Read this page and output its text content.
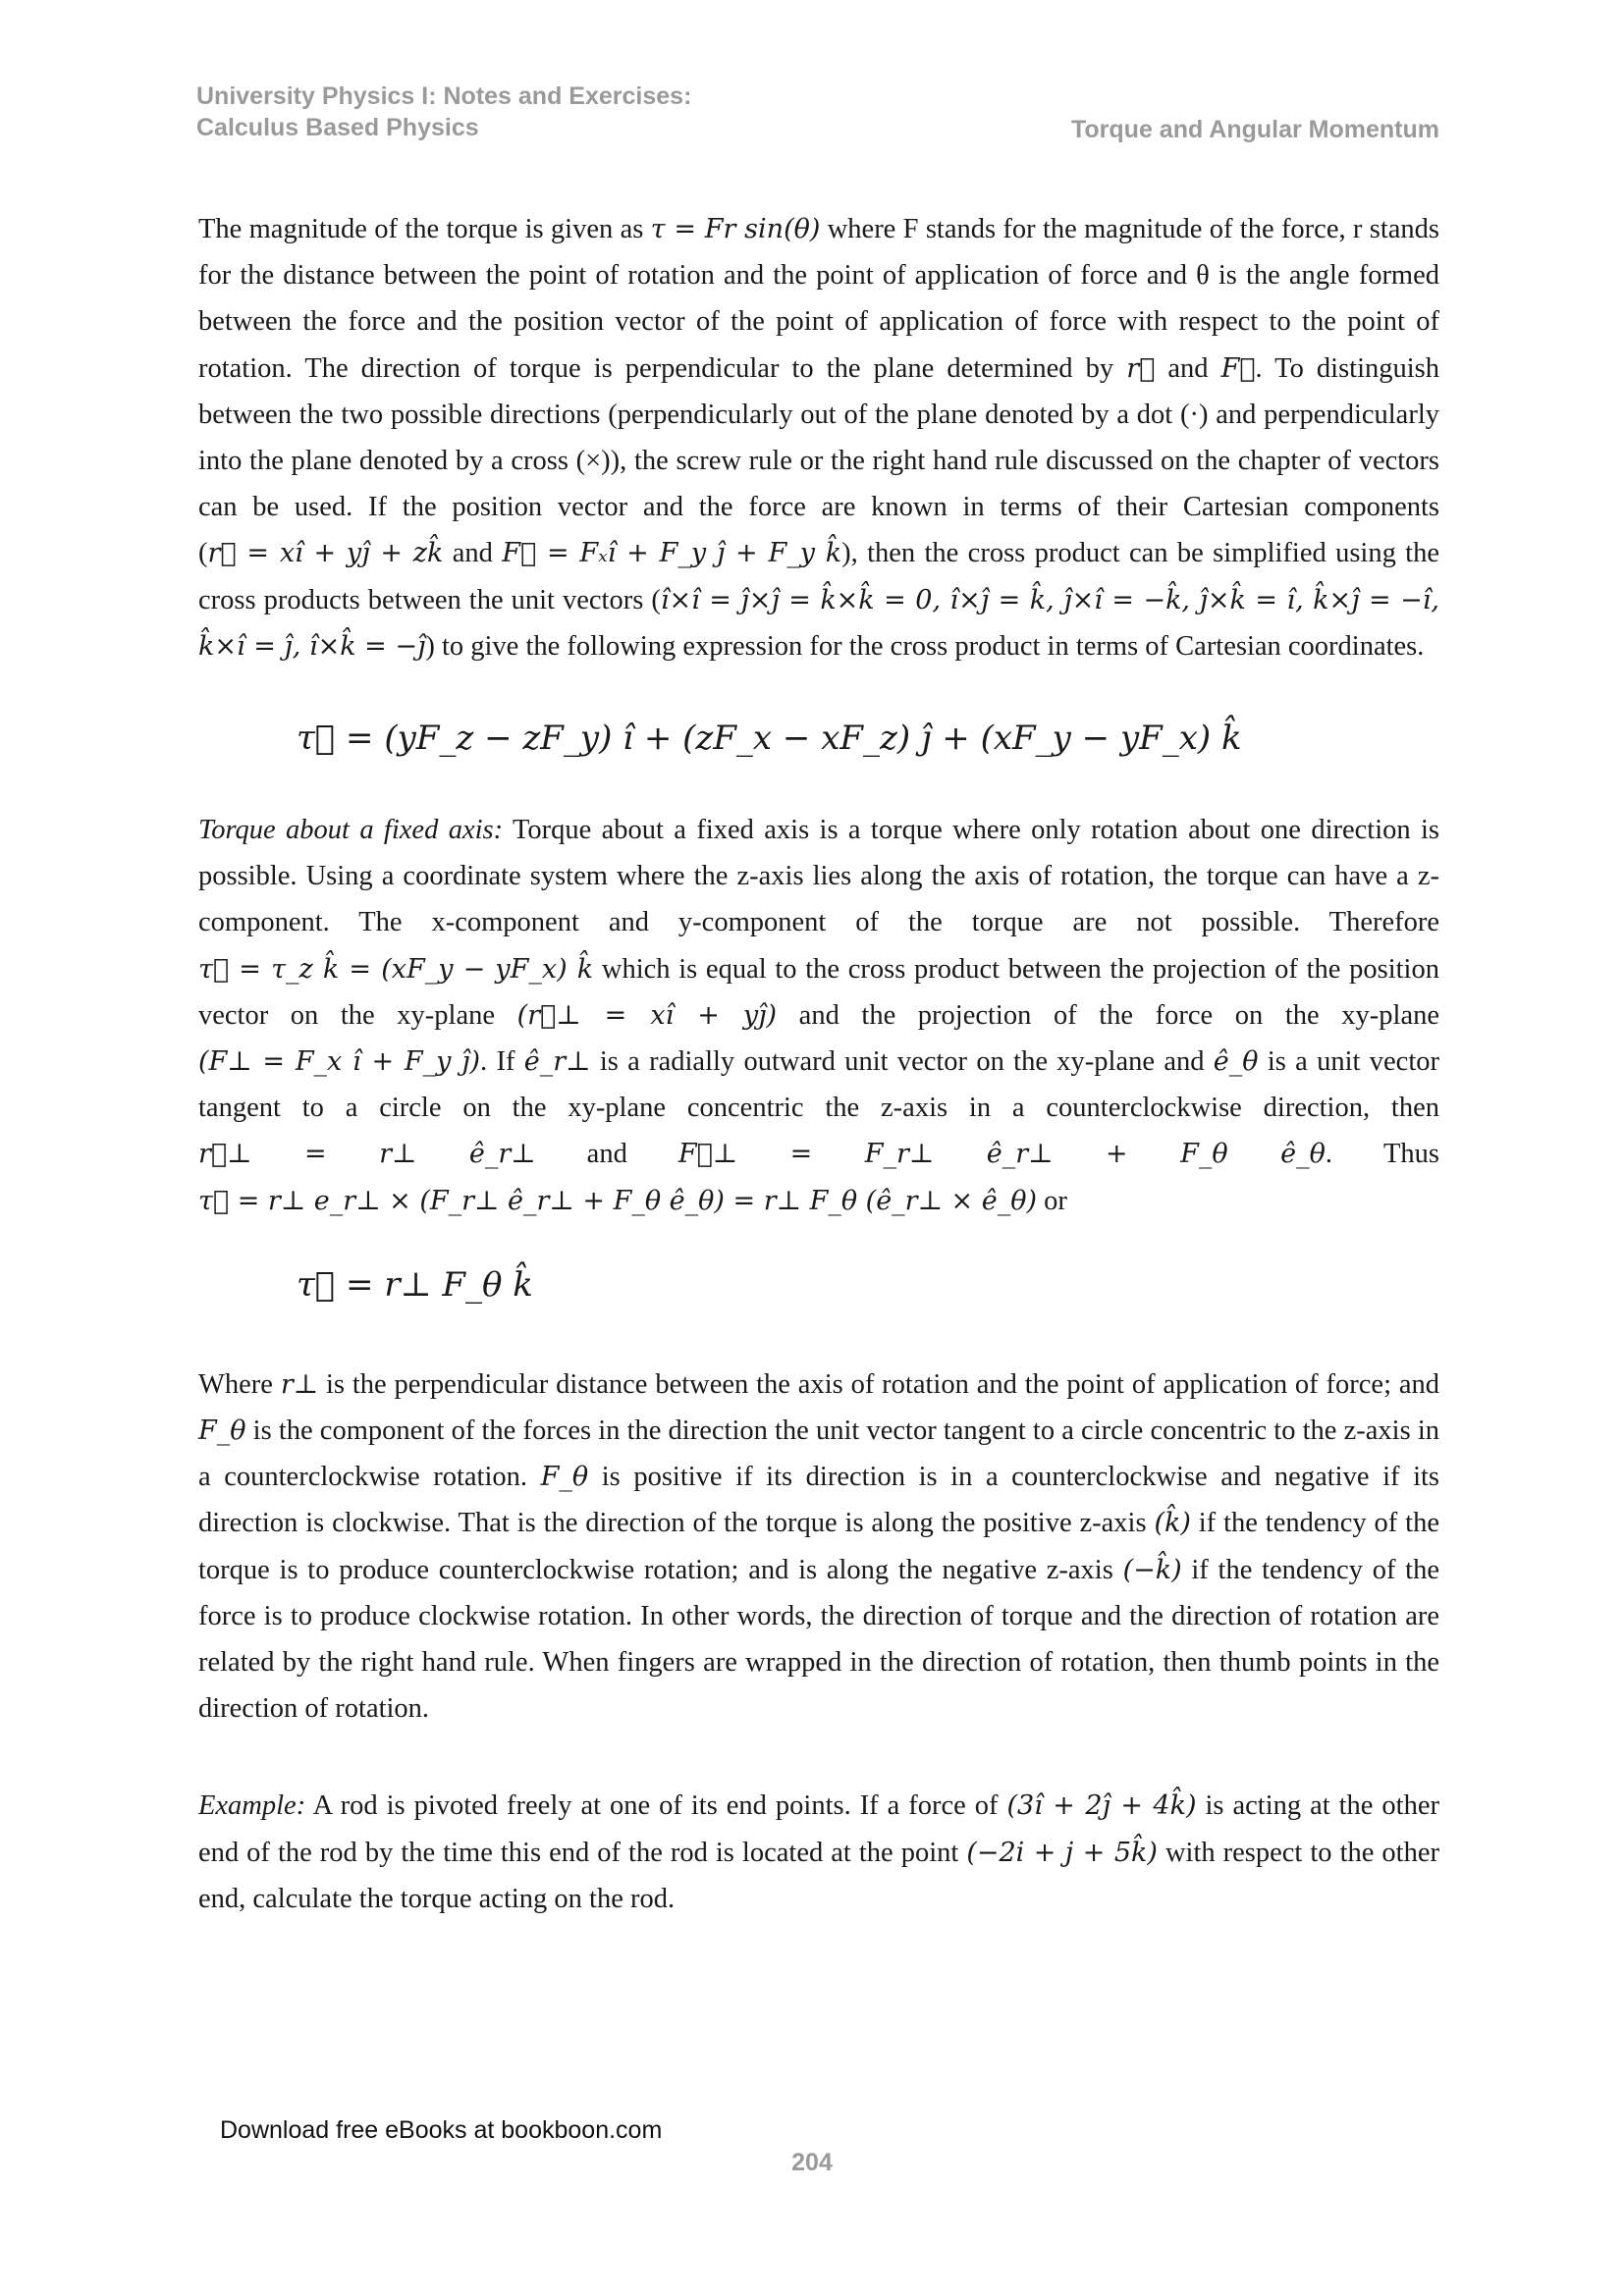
University Physics I: Notes and Exercises:
Calculus Based Physics	Torque and Angular Momentum

The magnitude of the torque is given as τ = Fr sin(θ) where F stands for the magnitude of the force, r stands for the distance between the point of rotation and the point of application of force and θ is the angle formed between the force and the position vector of the point of application of force with respect to the point of rotation. The direction of torque is perpendicular to the plane determined by r⃗ and F⃗. To distinguish between the two possible directions (perpendicularly out of the plane denoted by a dot (·) and perpendicularly into the plane denoted by a cross (×)), the screw rule or the right hand rule discussed on the chapter of vectors can be used. If the position vector and the force are known in terms of their Cartesian components (r⃗ = xî + yĵ + zk̂ and F⃗ = Fₓî + F_y ĵ + F_y k̂), then the cross product can be simplified using the cross products between the unit vectors (î×î = ĵ×ĵ = k̂×k̂ = 0, î×ĵ = k̂, ĵ×î = −k̂, ĵ×k̂ = î, k̂×ĵ = −î, k̂×î = ĵ, î×k̂ = −ĵ) to give the following expression for the cross product in terms of Cartesian coordinates.

τ⃗ = (yF_z − zF_y) î + (zF_x − xF_z) ĵ + (xF_y − yF_x) k̂

Torque about a fixed axis: Torque about a fixed axis is a torque where only rotation about one direction is possible. Using a coordinate system where the z-axis lies along the axis of rotation, the torque can have a z-component. The x-component and y-component of the torque are not possible. Therefore τ⃗ = τ_z k̂ = (xF_y − yF_x) k̂ which is equal to the cross product between the projection of the position vector on the xy-plane (r⃗⊥ = xî + yĵ) and the projection of the force on the xy-plane (F⊥ = F_x î + F_y ĵ). If ê_r⊥ is a radially outward unit vector on the xy-plane and ê_θ is a unit vector tangent to a circle on the xy-plane concentric the z-axis in a counterclockwise direction, then r⃗⊥ = r⊥ ê_r⊥ and F⃗⊥ = F_r⊥ ê_r⊥ + F_θ ê_θ. Thus τ⃗ = r⊥ e_r⊥ × (F_r⊥ ê_r⊥ + F_θ ê_θ) = r⊥ F_θ (ê_r⊥ × ê_θ) or

τ⃗ = r⊥ F_θ k̂

Where r⊥ is the perpendicular distance between the axis of rotation and the point of application of force; and F_θ is the component of the forces in the direction the unit vector tangent to a circle concentric to the z-axis in a counterclockwise rotation. F_θ is positive if its direction is in a counterclockwise and negative if its direction is clockwise. That is the direction of the torque is along the positive z-axis (k̂) if the tendency of the torque is to produce counterclockwise rotation; and is along the negative z-axis (−k̂) if the tendency of the force is to produce clockwise rotation. In other words, the direction of torque and the direction of rotation are related by the right hand rule. When fingers are wrapped in the direction of rotation, then thumb points in the direction of rotation.

Example: A rod is pivoted freely at one of its end points. If a force of (3î + 2ĵ + 4k̂) is acting at the other end of the rod by the time this end of the rod is located at the point (−2i + j + 5k̂) with respect to the other end, calculate the torque acting on the rod.

Download free eBooks at bookboon.com
204
